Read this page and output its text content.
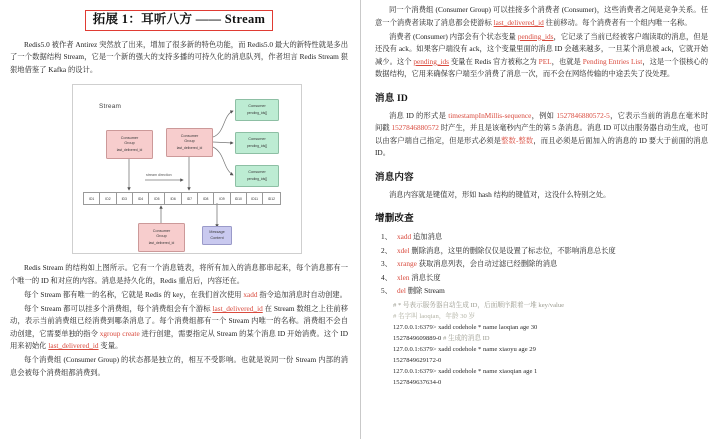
拓展 1：耳听八方 —— Stream

Redis5.0 被作者 Antirez 突然放了出来，增加了很多新的特色功能，而 Redis5.0 最大的新特性就是多出了一个数据结构 Stream，它是一个新的强大的支持多播的可持久化的消息队列，作者坦言 Redis Stream 狠狠地借鉴了 Kafka 的设计。

Stream
Consumer
Group
last_delivered_id
Consumer
Group
last_delivered_id
Consumer
Group
last_delivered_id
Consumer
pending_ids[]
Consumer
pending_ids[]
Consumer
pending_ids[]
Message
Content
stream direction
ID1	ID2	ID3	ID4	ID5	ID6	ID7	ID8	ID9	ID10	ID11	ID12

Redis Stream 的结构如上图所示。它有一个消息链表，将所有加入的消息都串起来，每个消息都有一个唯一的 ID 和对应的内容。消息是持久化的，Redis 重启后，内容还在。

每个 Stream 都有唯一的名称，它就是 Redis 的 key，在我们首次使用 xadd 指令追加消息时自动创建。

每个 Stream 都可以挂多个消费组，每个消费组会有个游标 last_delivered_id 在 Stream 数组之上往前移动，表示当前消费组已经消费到哪条消息了。每个消费组都有一个 Stream 内唯一的名称。消费组不会自动创建，它需要单独的指令 xgroup create 进行创建，需要指定从 Stream 的某个消息 ID 开始消费。这个 ID 用来初始化 last_delivered_id 变量。

每个消费组 (Consumer Group) 的状态都是独立的，相互不受影响。也就是说同一份 Stream 内部的消息会被每个消费组都消费到。

同一个消费组 (Consumer Group) 可以挂接多个消费者 (Consumer)，这些消费者之间是竞争关系。任意一个消费者读取了消息都会使游标 last_delivered_id 往前移动。每个消费者有一个组内唯一名称。

消费者 (Consumer) 内部会有个状态变量 pending_ids，它记录了当前已经被客户端读取的消息，但是还没有 ack。如果客户端没有 ack，这个变量里面的消息 ID 会越来越多，一旦某个消息被 ack，它就开始减少。这个 pending_ids 变量在 Redis 官方被称之为 PEL，也就是 Pending Entries List，这是一个很核心的数据结构，它用来确保客户端至少消费了消息一次，而不会在网络传输的中途丢失了没处理。

消息 ID

消息 ID 的形式是 timestampInMillis-sequence，例如 1527846880572-5，它表示当前的消息在毫米时间戳 1527846880572 时产生，并且是该毫秒内产生的第 5 条消息。消息 ID 可以由服务器自动生成，也可以由客户端自己指定，但是形式必须是整数-整数，而且必须是后面加入的消息的 ID 要大于前面的消息 ID。

消息内容

消息内容就是键值对，形如 hash 结构的键值对，这没什么特别之处。

增删改查
xadd 追加消息
xdel 删除消息，这里的删除仅仅是设置了标志位，不影响消息总长度
xrange 获取消息列表，会自动过滤已经删除的消息
xlen 消息长度
del 删除 Stream
# * 号表示服务器自动生成 ID，后面顺序跟着一堆 key/value
# 名字叫 laoqian，年龄 30 岁
127.0.0.1:6379> xadd codehole * name laoqian age 30
1527849609889-0 # 生成的消息 ID
127.0.0.1:6379> xadd codehole * name xiaoyu age 29
1527849629172-0
127.0.0.1:6379> xadd codehole * name xiaoqian age 1
1527849637634-0
